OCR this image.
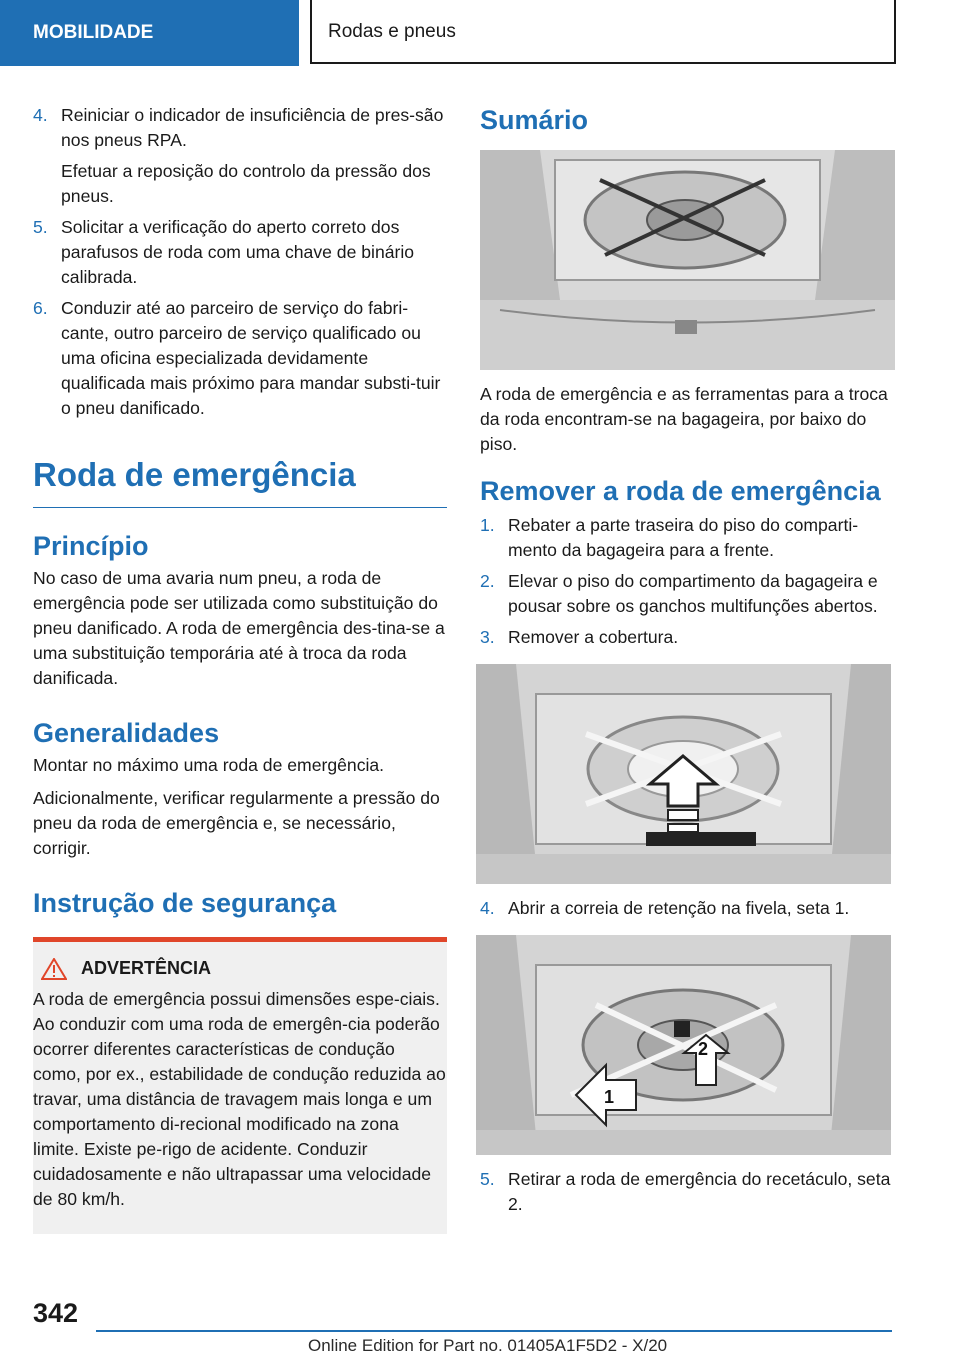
MOBILIDADE	Rodas e pneus
4. Reiniciar o indicador de insuficiência de pres-são nos pneus RPA.

Efetuar a reposição do controlo da pressão dos pneus.

5. Solicitar a verificação do aperto correto dos parafusos de roda com uma chave de binário calibrada.

6. Conduzir até ao parceiro de serviço do fabri-cante, outro parceiro de serviço qualificado ou uma oficina especializada devidamente qualificada mais próximo para mandar substi-tuir o pneu danificado.

Roda de emergência
Princípio

No caso de uma avaria num pneu, a roda de emergência pode ser utilizada como substituição do pneu danificado. A roda de emergência des-tina-se a uma substituição temporária até à troca da roda danificada.

Generalidades

Montar no máximo uma roda de emergência.

Adicionalmente, verificar regularmente a pressão do pneu da roda de emergência e, se necessário, corrigir.

Instrução de segurança
ADVERTÊNCIA

A roda de emergência possui dimensões espe-ciais. Ao conduzir com uma roda de emergên-cia poderão ocorrer diferentes características de condução como, por ex., estabilidade de condução reduzida ao travar, uma distância de travagem mais longa e um comportamento di-recional modificado na zona limite. Existe pe-rigo de acidente. Conduzir cuidadosamente e não ultrapassar uma velocidade de 80 km/h.

Sumário

A roda de emergência e as ferramentas para a troca da roda encontram-se na bagageira, por baixo do piso.

Remover a roda de emergência
1. Rebater a parte traseira do piso do comparti-mento da bagageira para a frente.

2. Elevar o piso do compartimento da bagageira e pousar sobre os ganchos multifunções abertos.

3. Remover a cobertura.

4. Abrir a correia de retenção na fivela, seta 1.

2
1
5. Retirar a roda de emergência do recetáculo, seta 2.

342
Online Edition for Part no. 01405A1F5D2 - X/20
